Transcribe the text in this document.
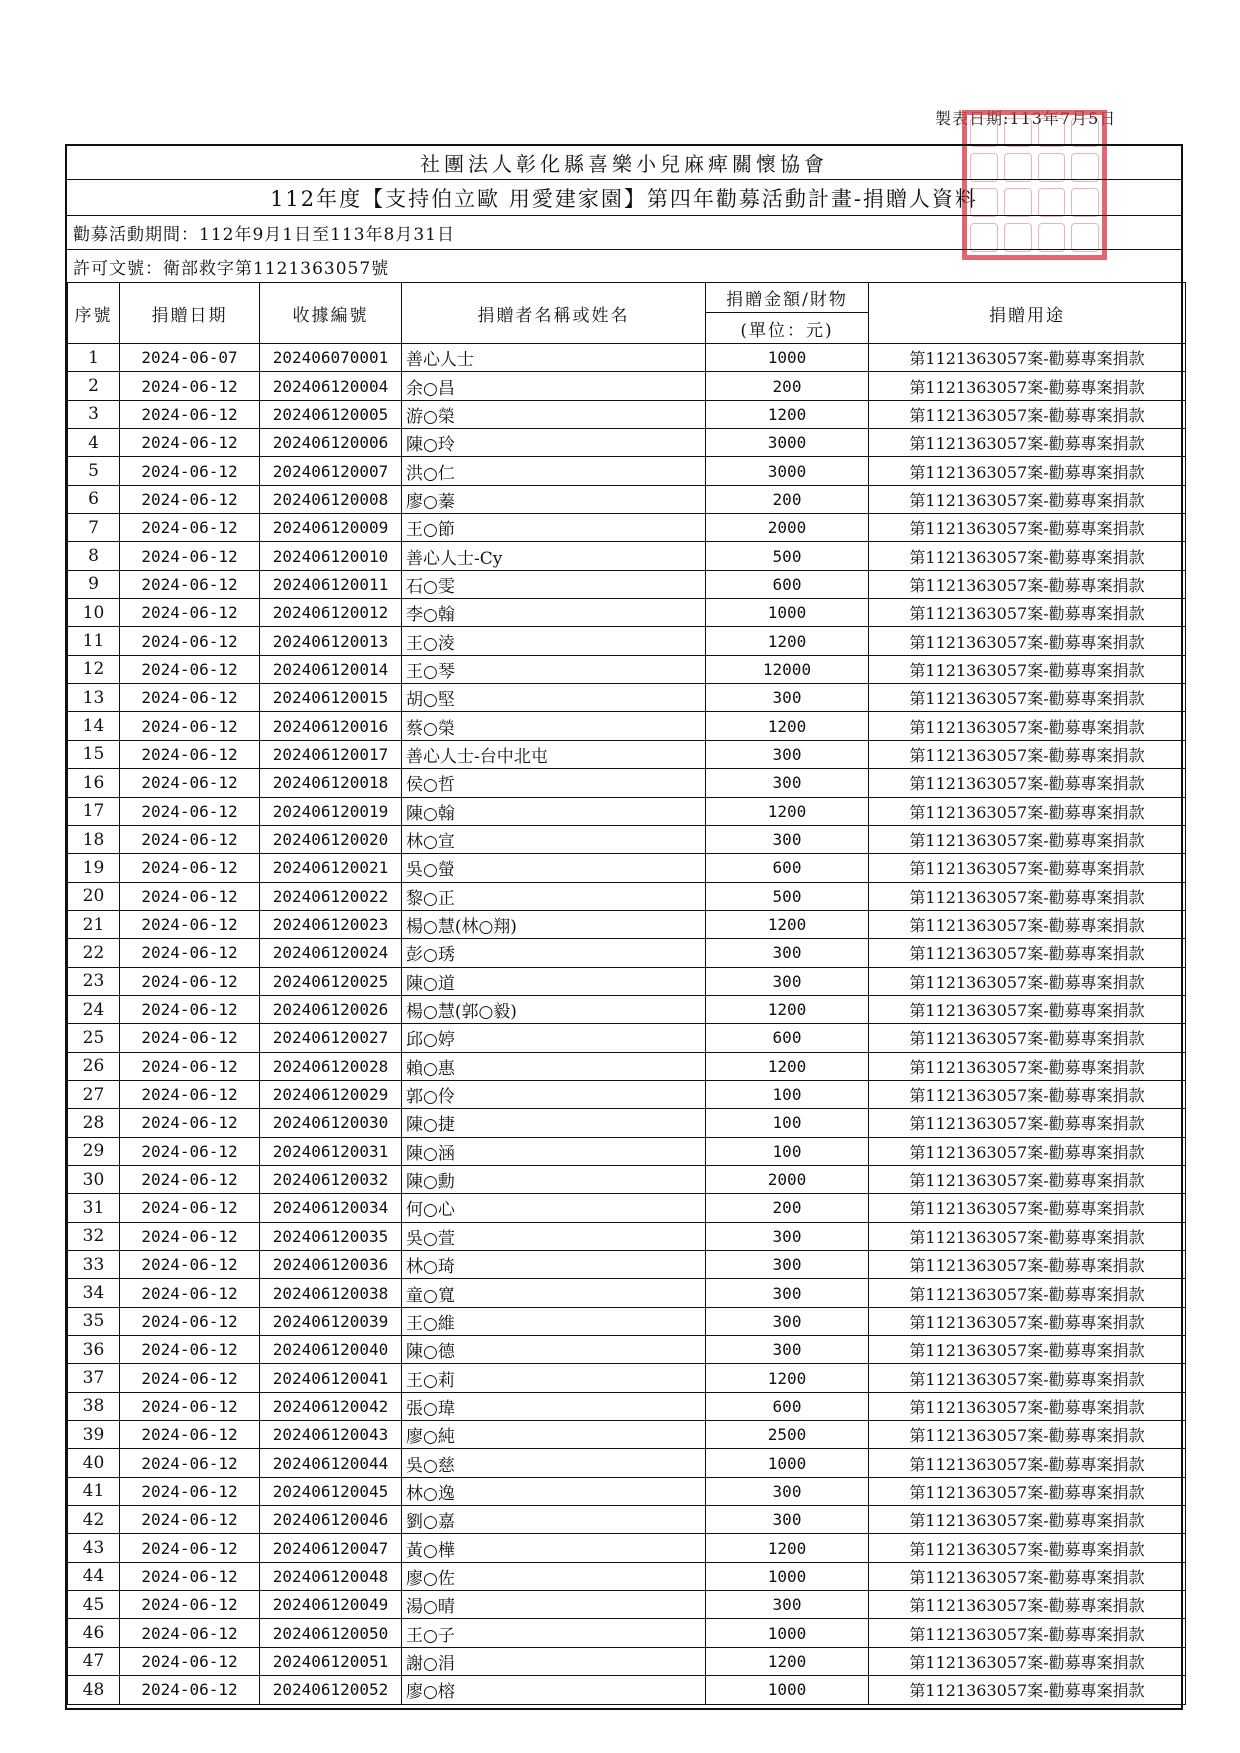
製表日期:113年7月5日
社團法人彰化縣喜樂小兒麻痺關懷協會
112年度【支持伯立歐 用愛建家園】第四年勸募活動計畫-捐贈人資料
勸募活動期間：112年9月1日至113年8月31日
許可文號：衛部救字第1121363057號
序號	捐贈日期	收據編號	捐贈者名稱或姓名	捐贈金額/財物	捐贈用途
				(單位：元)	
1	2024-06-07	202406070001	善心人士	1000	第1121363057案-勸募專案捐款
2	2024-06-12	202406120004	余○昌	200	第1121363057案-勸募專案捐款
3	2024-06-12	202406120005	游○榮	1200	第1121363057案-勸募專案捐款
4	2024-06-12	202406120006	陳○玲	3000	第1121363057案-勸募專案捐款
5	2024-06-12	202406120007	洪○仁	3000	第1121363057案-勸募專案捐款
6	2024-06-12	202406120008	廖○蓁	200	第1121363057案-勸募專案捐款
7	2024-06-12	202406120009	王○節	2000	第1121363057案-勸募專案捐款
8	2024-06-12	202406120010	善心人士-Cy	500	第1121363057案-勸募專案捐款
9	2024-06-12	202406120011	石○雯	600	第1121363057案-勸募專案捐款
10	2024-06-12	202406120012	李○翰	1000	第1121363057案-勸募專案捐款
11	2024-06-12	202406120013	王○淩	1200	第1121363057案-勸募專案捐款
12	2024-06-12	202406120014	王○琴	12000	第1121363057案-勸募專案捐款
13	2024-06-12	202406120015	胡○堅	300	第1121363057案-勸募專案捐款
14	2024-06-12	202406120016	蔡○榮	1200	第1121363057案-勸募專案捐款
15	2024-06-12	202406120017	善心人士-台中北屯	300	第1121363057案-勸募專案捐款
16	2024-06-12	202406120018	侯○哲	300	第1121363057案-勸募專案捐款
17	2024-06-12	202406120019	陳○翰	1200	第1121363057案-勸募專案捐款
18	2024-06-12	202406120020	林○宣	300	第1121363057案-勸募專案捐款
19	2024-06-12	202406120021	吳○螢	600	第1121363057案-勸募專案捐款
20	2024-06-12	202406120022	黎○正	500	第1121363057案-勸募專案捐款
21	2024-06-12	202406120023	楊○慧(林○翔)	1200	第1121363057案-勸募專案捐款
22	2024-06-12	202406120024	彭○琇	300	第1121363057案-勸募專案捐款
23	2024-06-12	202406120025	陳○道	300	第1121363057案-勸募專案捐款
24	2024-06-12	202406120026	楊○慧(郭○毅)	1200	第1121363057案-勸募專案捐款
25	2024-06-12	202406120027	邱○婷	600	第1121363057案-勸募專案捐款
26	2024-06-12	202406120028	賴○惠	1200	第1121363057案-勸募專案捐款
27	2024-06-12	202406120029	郭○伶	100	第1121363057案-勸募專案捐款
28	2024-06-12	202406120030	陳○捷	100	第1121363057案-勸募專案捐款
29	2024-06-12	202406120031	陳○涵	100	第1121363057案-勸募專案捐款
30	2024-06-12	202406120032	陳○勳	2000	第1121363057案-勸募專案捐款
31	2024-06-12	202406120034	何○心	200	第1121363057案-勸募專案捐款
32	2024-06-12	202406120035	吳○萱	300	第1121363057案-勸募專案捐款
33	2024-06-12	202406120036	林○琦	300	第1121363057案-勸募專案捐款
34	2024-06-12	202406120038	童○寬	300	第1121363057案-勸募專案捐款
35	2024-06-12	202406120039	王○維	300	第1121363057案-勸募專案捐款
36	2024-06-12	202406120040	陳○德	300	第1121363057案-勸募專案捐款
37	2024-06-12	202406120041	王○莉	1200	第1121363057案-勸募專案捐款
38	2024-06-12	202406120042	張○瑋	600	第1121363057案-勸募專案捐款
39	2024-06-12	202406120043	廖○純	2500	第1121363057案-勸募專案捐款
40	2024-06-12	202406120044	吳○慈	1000	第1121363057案-勸募專案捐款
41	2024-06-12	202406120045	林○逸	300	第1121363057案-勸募專案捐款
42	2024-06-12	202406120046	劉○嘉	300	第1121363057案-勸募專案捐款
43	2024-06-12	202406120047	黃○樺	1200	第1121363057案-勸募專案捐款
44	2024-06-12	202406120048	廖○佐	1000	第1121363057案-勸募專案捐款
45	2024-06-12	202406120049	湯○晴	300	第1121363057案-勸募專案捐款
46	2024-06-12	202406120050	王○子	1000	第1121363057案-勸募專案捐款
47	2024-06-12	202406120051	謝○涓	1200	第1121363057案-勸募專案捐款
48	2024-06-12	202406120052	廖○榕	1000	第1121363057案-勸募專案捐款
